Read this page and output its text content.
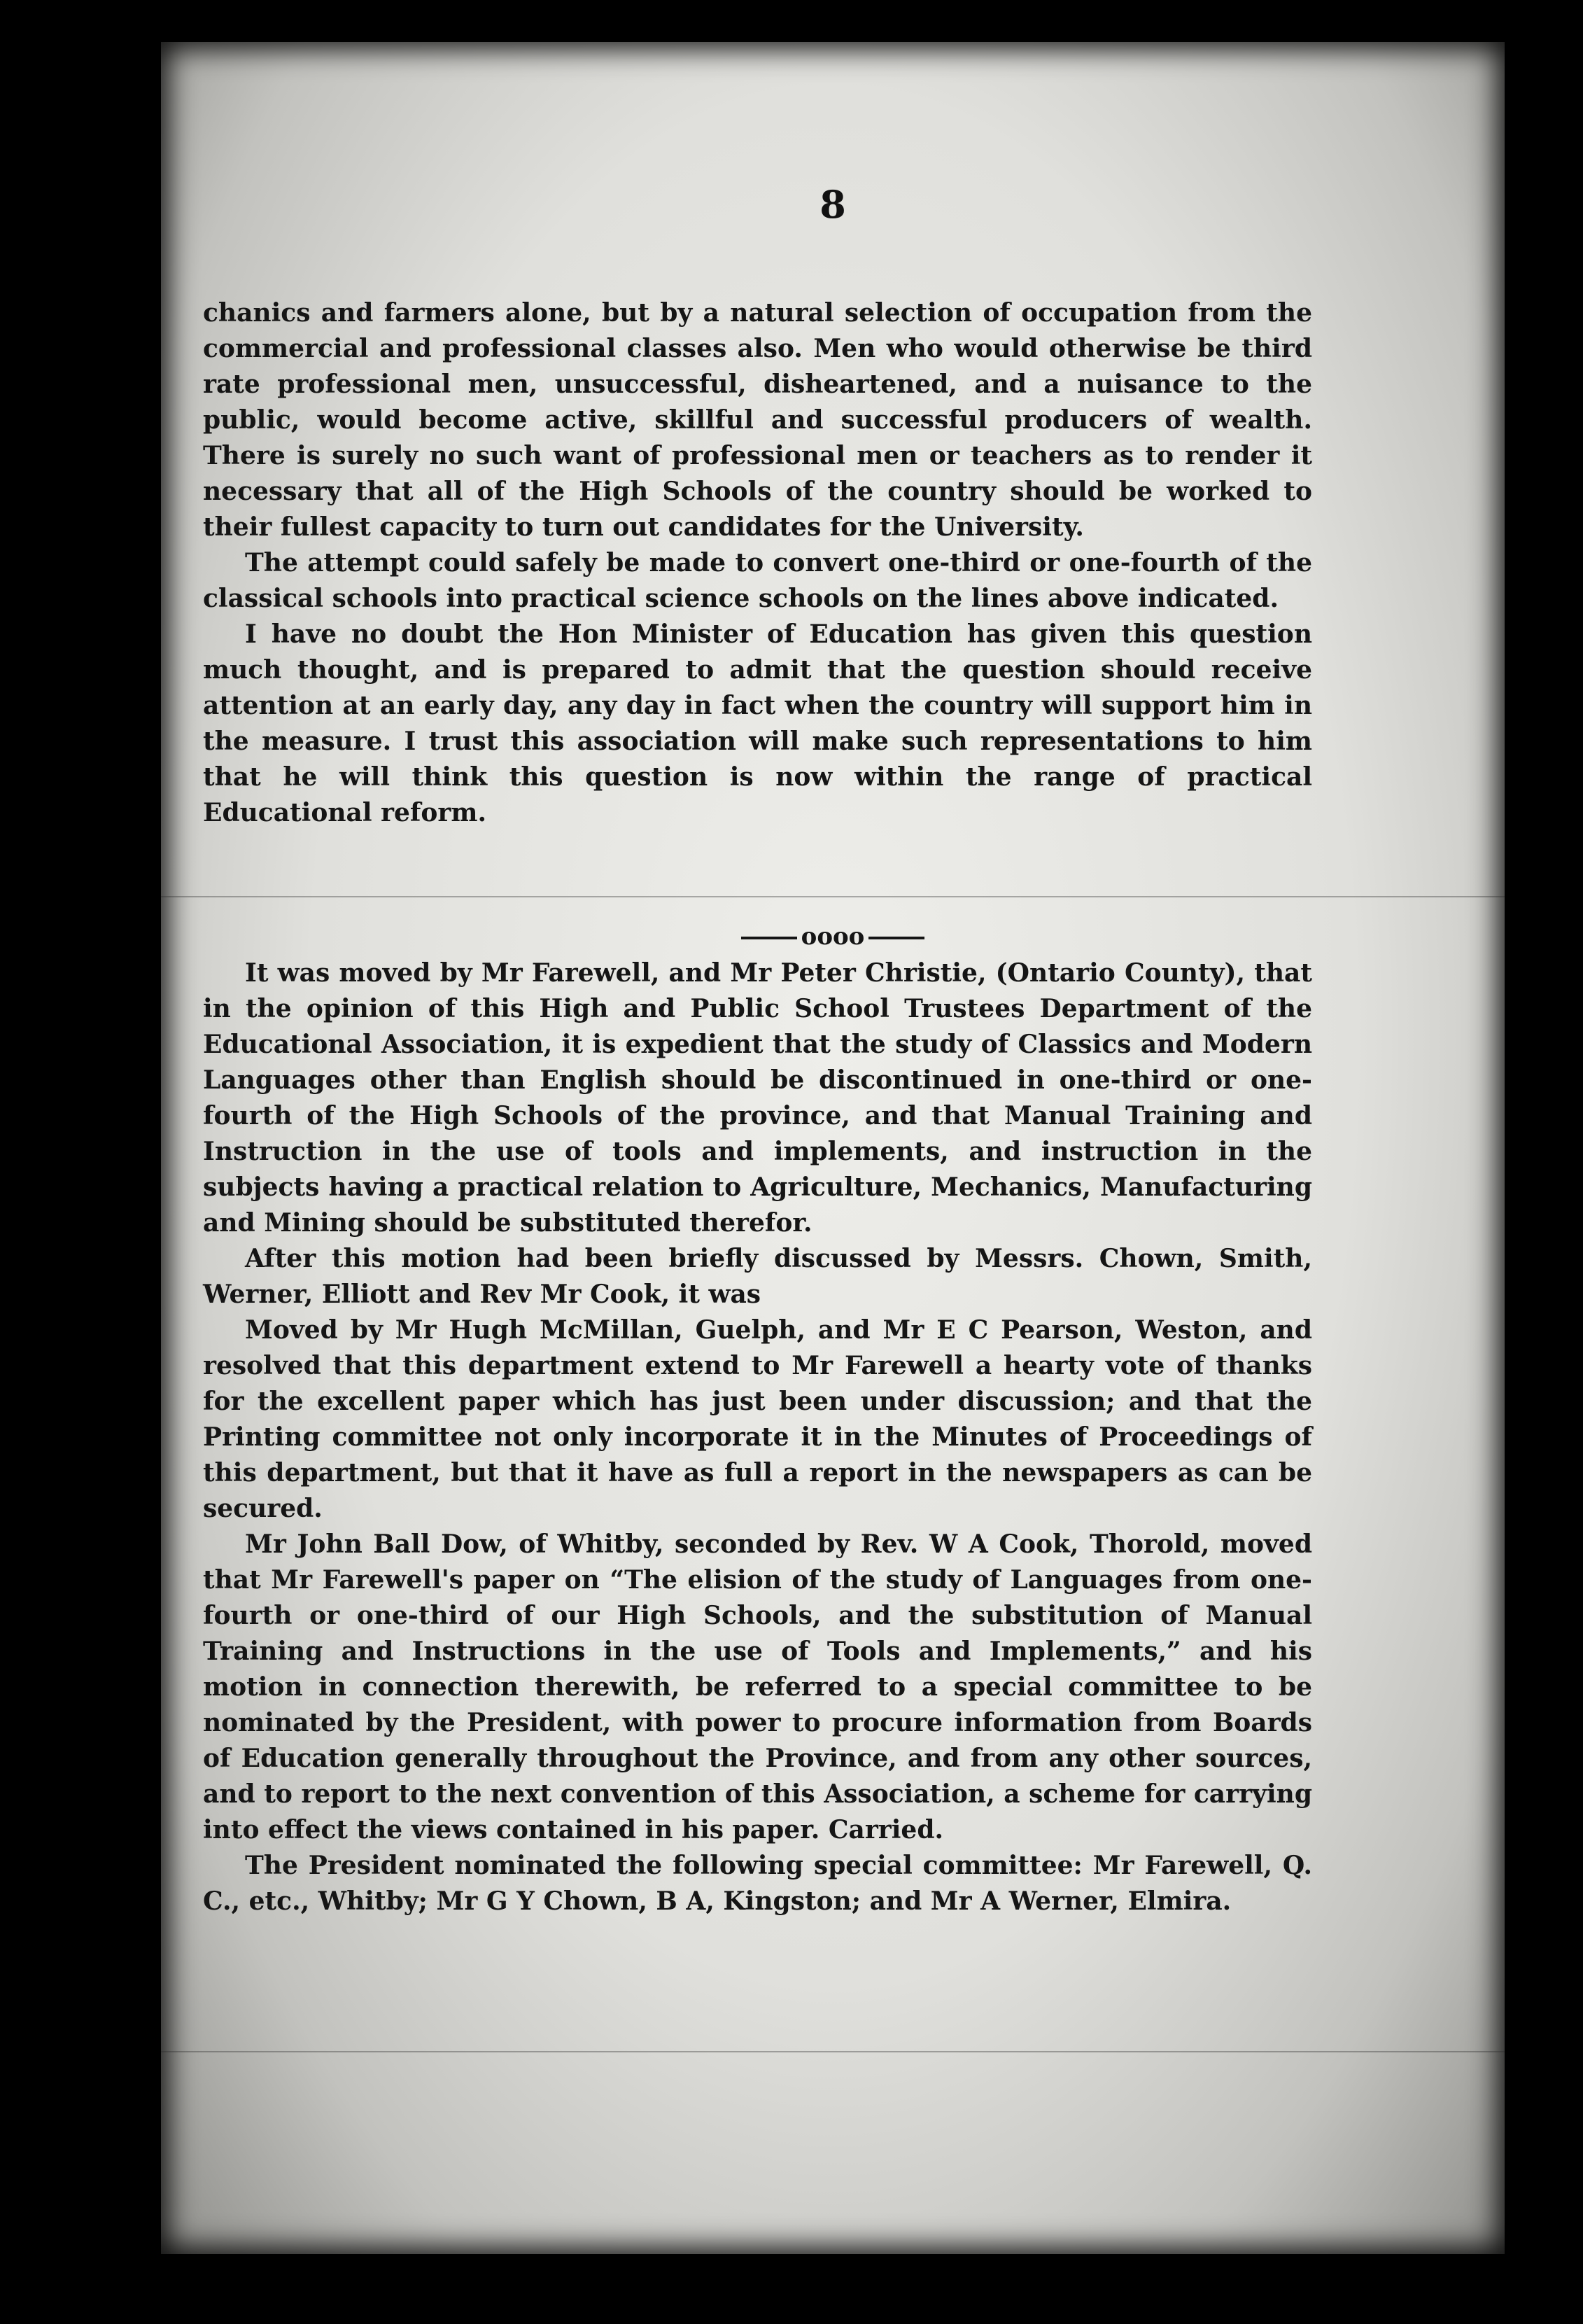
8

chanics and farmers alone, but by a natural selection of occupation from the commercial and professional classes also. Men who would otherwise be third rate professional men, unsuccessful, disheartened, and a nuisance to the public, would become active, skillful and successful producers of wealth. There is surely no such want of professional men or teachers as to render it necessary that all of the High Schools of the country should be worked to their fullest capacity to turn out candidates for the University.

The attempt could safely be made to convert one-third or one-fourth of the classical schools into practical science schools on the lines above indicated.

I have no doubt the Hon Minister of Education has given this question much thought, and is prepared to admit that the question should receive attention at an early day, any day in fact when the country will support him in the measure. I trust this association will make such representations to him that he will think this question is now within the range of practical Educational reform.

oooo

It was moved by Mr Farewell, and Mr Peter Christie, (Ontario County), that in the opinion of this High and Public School Trustees Department of the Educational Association, it is expedient that the study of Classics and Modern Languages other than English should be discontinued in one-third or one-fourth of the High Schools of the province, and that Manual Training and Instruction in the use of tools and implements, and instruction in the subjects having a practical relation to Agriculture, Mechanics, Manufacturing and Mining should be substituted therefor.

After this motion had been briefly discussed by Messrs. Chown, Smith, Werner, Elliott and Rev Mr Cook, it was

Moved by Mr Hugh McMillan, Guelph, and Mr E C Pearson, Weston, and resolved that this department extend to Mr Farewell a hearty vote of thanks for the excellent paper which has just been under discussion; and that the Printing committee not only incorporate it in the Minutes of Proceedings of this department, but that it have as full a report in the newspapers as can be secured.

Mr John Ball Dow, of Whitby, seconded by Rev. W A Cook, Thorold, moved that Mr Farewell's paper on “The elision of the study of Languages from one-fourth or one-third of our High Schools, and the substitution of Manual Training and Instructions in the use of Tools and Implements,” and his motion in connection therewith, be referred to a special committee to be nominated by the President, with power to procure information from Boards of Education generally throughout the Province, and from any other sources, and to report to the next convention of this Association, a scheme for carrying into effect the views contained in his paper. Carried.

The President nominated the following special committee: Mr Farewell, Q. C., etc., Whitby; Mr G Y Chown, B A, Kingston; and Mr A Werner, Elmira.
